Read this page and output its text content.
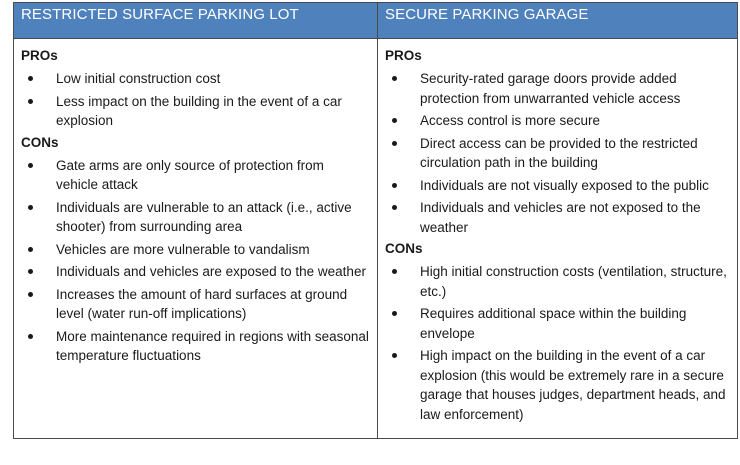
RESTRICTED SURFACE PARKING LOT
PROs
Low initial construction cost
Less impact on the building in the event of a car explosion
CONs
Gate arms are only source of protection from vehicle attack
Individuals are vulnerable to an attack (i.e., active shooter) from surrounding area
Vehicles are more vulnerable to vandalism
Individuals and vehicles are exposed to the weather
Increases the amount of hard surfaces at ground level (water run-off implications)
More maintenance required in regions with seasonal temperature fluctuations
SECURE PARKING GARAGE
PROs
Security-rated garage doors provide added protection from unwarranted vehicle access
Access control is more secure
Direct access can be provided to the restricted circulation path in the building
Individuals are not visually exposed to the public
Individuals and vehicles are not exposed to the weather
CONs
High initial construction costs (ventilation, structure, etc.)
Requires additional space within the building envelope
High impact on the building in the event of a car explosion (this would be extremely rare in a secure garage that houses judges, department heads, and law enforcement)
